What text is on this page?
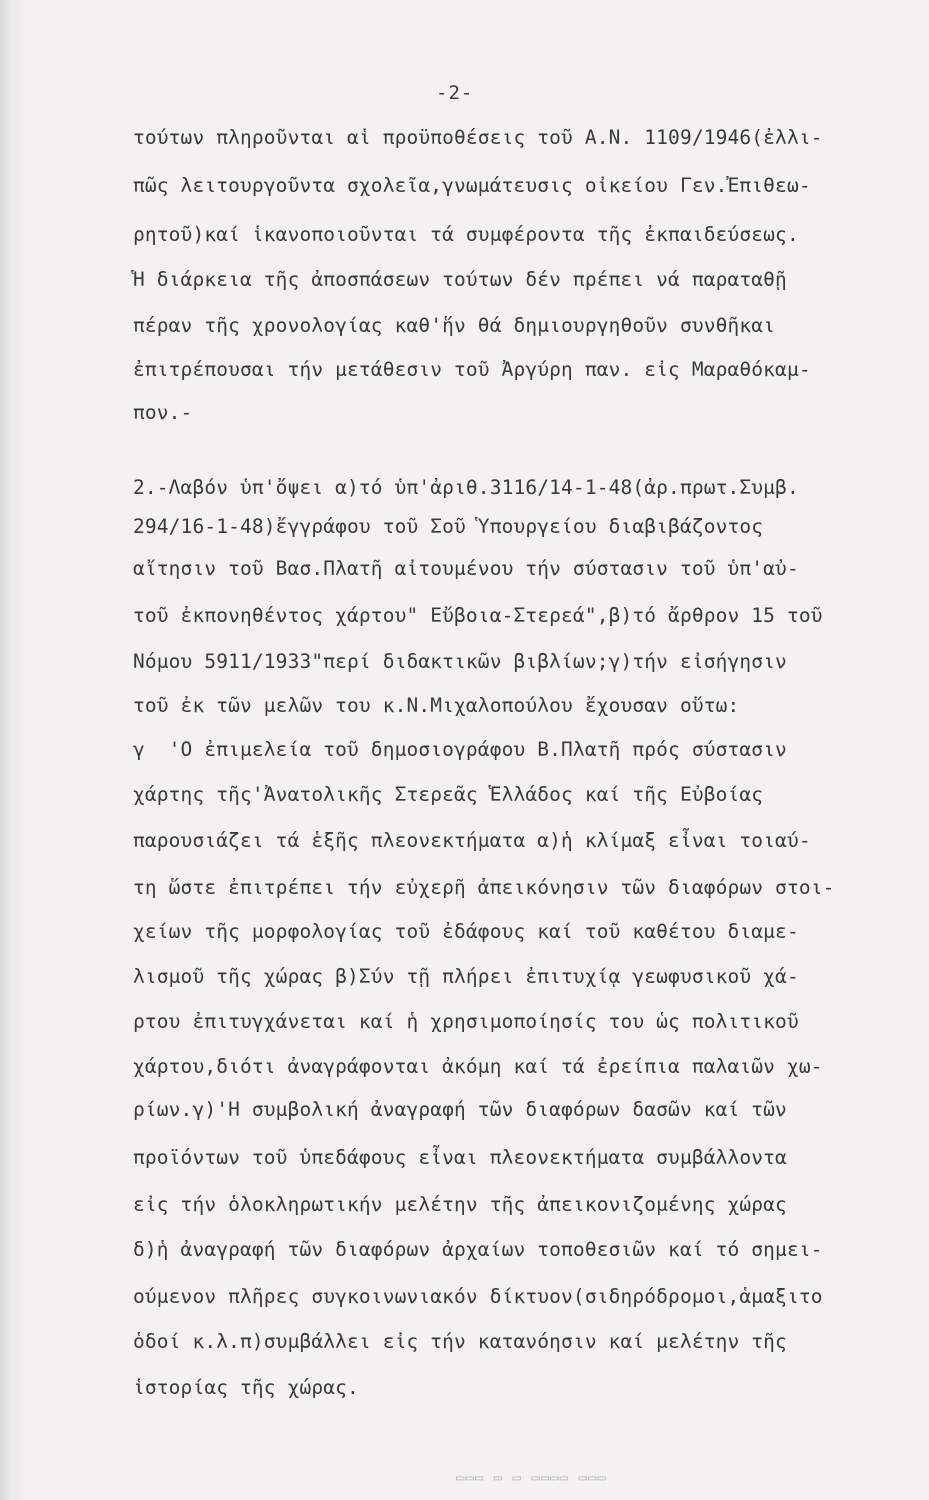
-2-
τούτων πληροῦνται αἱ προϋποθέσεις τοῦ Α.Ν. 1109/1946(ἐλλι-
πῶς λειτουργοῦντα σχολεῖα,γνωμάτευσις οἰκείου Γεν.Ἐπιθεω-
ρητοῦ)καί ἱκανοποιοῦνται τά συμφέροντα τῆς ἐκπαιδεύσεως.
Ἡ διάρκεια τῆς ἀποσπάσεων τούτων δέν πρέπει νά παραταθῇ
πέραν τῆς χρονολογίας καθ'ἥν θά δημιουργηθοῦν συνθῆκαι
ἐπιτρέπουσαι τήν μετάθεσιν τοῦ Ἀργύρη παν. εἰς Μαραθόκαμ-
πον.-
2.-Λαβόν ὑπ'ὄψει α)τό ὑπ'ἀριθ.3116/14-1-48(ἀρ.πρωτ.Συμβ.
294/16-1-48)ἔγγράφου τοῦ Σοῦ Ὑπουργείου διαβιβάζοντος
αἴτησιν τοῦ Βασ.Πλατῆ αἰτουμένου τήν σύστασιν τοῦ ὑπ'αὐ-
τοῦ ἐκπονηθέντος χάρτου" Εὔβοια-Στερεά",β)τό ἄρθρον 15 τοῦ
Νόμου 5911/1933"περί διδακτικῶν βιβλίων;γ)τήν εἰσήγησιν
τοῦ ἐκ τῶν μελῶν του κ.Ν.Μιχαλοπούλου ἔχουσαν οὕτω:
γ  'Ο ἐπιμελεία τοῦ δημοσιογράφου Β.Πλατῆ πρός σύστασιν
χάρτης τῆς'Ἀνατολικῆς Στερεᾶς Ἑλλάδος καί τῆς Εὐβοίας
παρουσιάζει τά ἑξῆς πλεονεκτήματα α)ἡ κλίμαξ εἶναι τοιαύ-
τη ὥστε ἐπιτρέπει τήν εὐχερῆ ἀπεικόνησιν τῶν διαφόρων στοι-
χείων τῆς μορφολογίας τοῦ ἐδάφους καί τοῦ καθέτου διαμε-
λισμοῦ τῆς χώρας β)Σύν τῇ πλήρει ἐπιτυχίᾳ γεωφυσικοῦ χά-
ρτου ἐπιτυγχάνεται καί ἡ χρησιμοποίησίς του ὡς πολιτικοῦ
χάρτου,διότι ἀναγράφονται ἀκόμη καί τά ἐρείπια παλαιῶν χω-
ρίων.γ)'Η συμβολική ἀναγραφή τῶν διαφόρων δασῶν καί τῶν
προϊόντων τοῦ ὑπεδάφους εἶναι πλεονεκτήματα συμβάλλοντα
εἰς τήν ὁλοκληρωτικήν μελέτην τῆς ἀπεικονιζομένης χώρας
δ)ἡ ἀναγραφή τῶν διαφόρων ἀρχαίων τοποθεσιῶν καί τό σημει-
ούμενον πλῆρες συγκοινωνιακόν δίκτυον(σιδηρόδρομοι,ἁμαξιτο
ὁδοί κ.λ.π)συμβάλλει εἰς τήν κατανόησιν καί μελέτην τῆς
ἱστορίας τῆς χώρας.
▭▭▭ ▭ ▭ ▭▭▭▭ ▭▭▭
